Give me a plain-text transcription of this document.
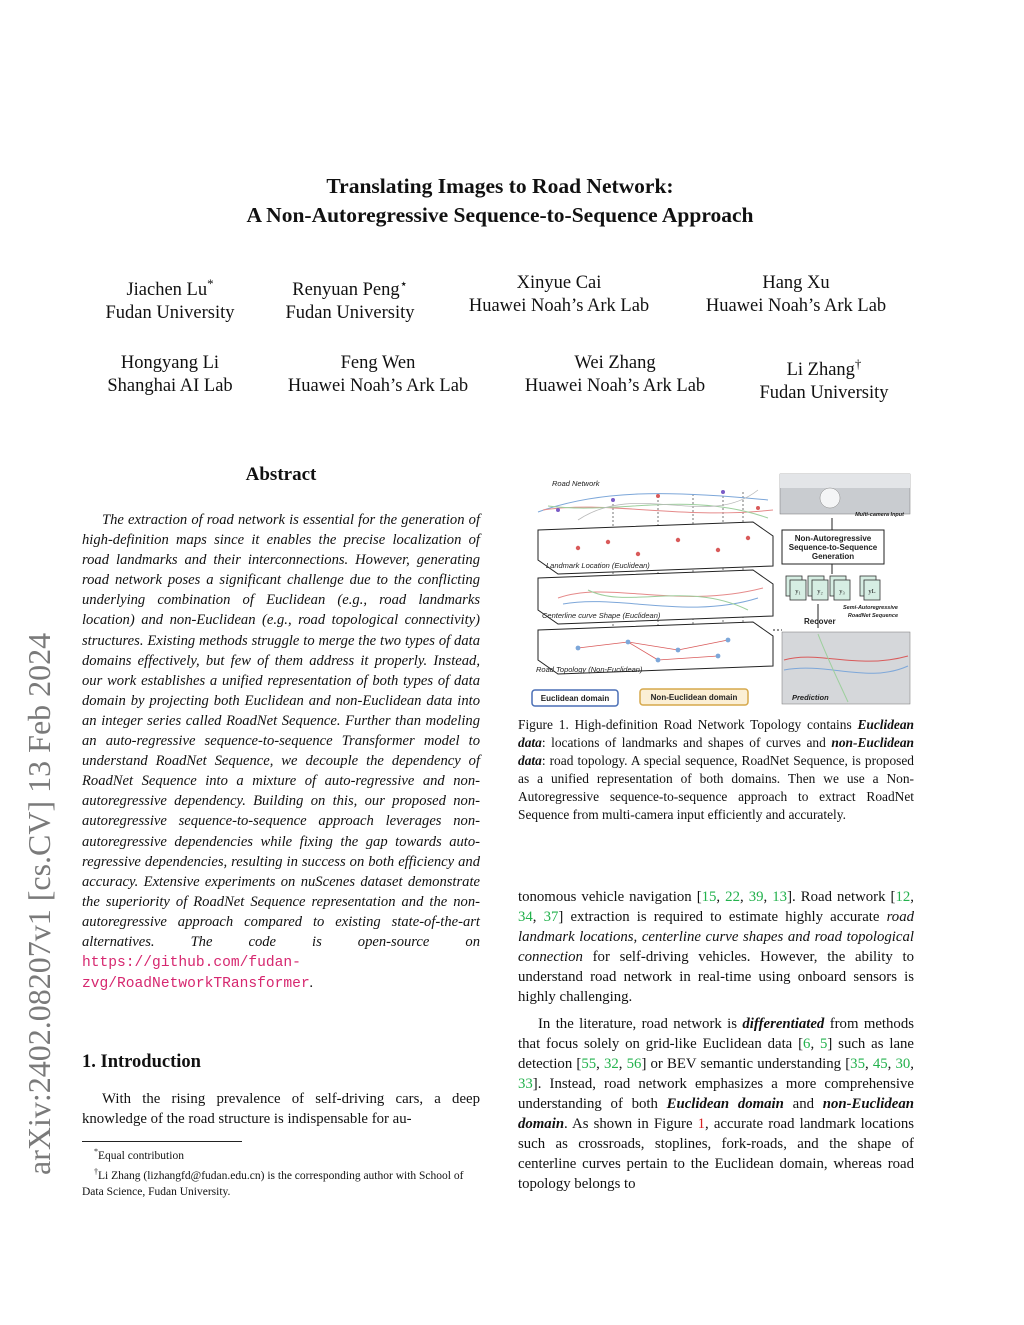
arXiv:2402.08207v1 [cs.CV] 13 Feb 2024
Translating Images to Road Network:
A Non-Autoregressive Sequence-to-Sequence Approach
Jiachen Lu*
Fudan University
Renyuan Peng⋆
Fudan University
Xinyue Cai
Huawei Noah’s Ark Lab
Hang Xu
Huawei Noah’s Ark Lab
Hongyang Li
Shanghai AI Lab
Feng Wen
Huawei Noah’s Ark Lab
Wei Zhang
Huawei Noah’s Ark Lab
Li Zhang†
Fudan University
Abstract

The extraction of road network is essential for the generation of high-definition maps since it enables the precise localization of road landmarks and their interconnections. However, generating road network poses a significant challenge due to the conflicting underlying combination of Euclidean (e.g., road landmarks location) and non-Euclidean (e.g., road topological connectivity) structures. Existing methods struggle to merge the two types of data domains effectively, but few of them address it properly. Instead, our work establishes a unified representation of both types of data domain by projecting both Euclidean and non-Euclidean data into an integer series called RoadNet Sequence. Further than modeling an auto-regressive sequence-to-sequence Transformer model to understand RoadNet Sequence, we decouple the dependency of RoadNet Sequence into a mixture of auto-regressive and non-autoregressive dependency. Building on this, our proposed non-autoregressive sequence-to-sequence approach leverages non-autoregressive dependencies while fixing the gap towards auto-regressive dependencies, resulting in success on both efficiency and accuracy. Extensive experiments on nuScenes dataset demonstrate the superiority of RoadNet Sequence representation and the non-autoregressive approach compared to existing state-of-the-art alternatives. The code is open-source on https://github.com/fudan-zvg/RoadNetworkTRansformer.

1. Introduction

With the rising prevalence of self-driving cars, a deep knowledge of the road structure is indispensable for au-

*Equal contribution

†Li Zhang (lizhangfd@fudan.edu.cn) is the corresponding author with School of Data Science, Fudan University.

Road Network
Landmark Location (Euclidean)
Centerline curve Shape (Euclidean)
Road Topology (Non-Euclidean)
Euclidean domain	Non-Euclidean domain
Multi-camera Input
Non-Autoregressive
Sequence-to-Sequence
Generation
y₁	y₂	y₃	yL
Semi-Autoregressive
RoadNet Sequence
Recover
Prediction
Figure 1. High-definition Road Network Topology contains Euclidean data: locations of landmarks and shapes of curves and non-Euclidean data: road topology. A special sequence, RoadNet Sequence, is proposed as a unified representation of both domains. Then we use a Non-Autoregressive sequence-to-sequence approach to extract RoadNet Sequence from multi-camera input efficiently and accurately.

tonomous vehicle navigation [15, 22, 39, 13]. Road network [12, 34, 37] extraction is required to estimate highly accurate road landmark locations, centerline curve shapes and road topological connection for self-driving vehicles. However, the ability to understand road network in real-time using onboard sensors is highly challenging.

In the literature, road network is differentiated from methods that focus solely on grid-like Euclidean data [6, 5] such as lane detection [55, 32, 56] or BEV semantic understanding [35, 45, 30, 33]. Instead, road network emphasizes a more comprehensive understanding of both Euclidean domain and non-Euclidean domain. As shown in Figure 1, accurate road landmark locations such as crossroads, stoplines, fork-roads, and the shape of centerline curves pertain to the Euclidean domain, whereas road topology belongs to
